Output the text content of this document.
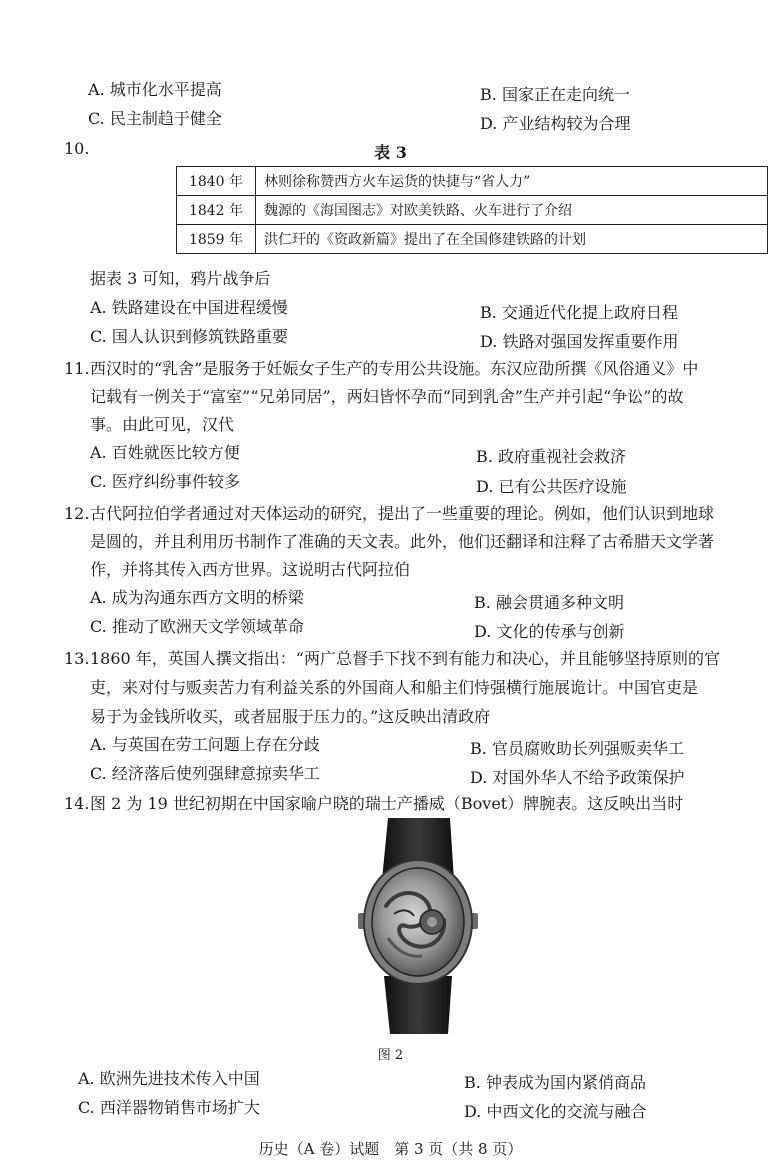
A. 城市化水平提高	B. 国家正在走向统一
C. 民主制趋于健全	D. 产业结构较为合理
10.	表 3
1840 年	林则徐称赞西方火车运货的快捷与“省人力”
1842 年	魏源的《海国图志》对欧美铁路、火车进行了介绍
1859 年	洪仁玕的《资政新篇》提出了在全国修建铁路的计划
据表 3 可知，鸦片战争后
A. 铁路建设在中国进程缓慢	B. 交通近代化提上政府日程
C. 国人认识到修筑铁路重要	D. 铁路对强国发挥重要作用
11. 西汉时的“乳舍”是服务于妊娠女子生产的专用公共设施。东汉应劭所撰《风俗通义》中
记载有一例关于“富室”“兄弟同居”，两妇皆怀孕而“同到乳舍”生产并引起“争讼”的故
事。由此可见，汉代
A. 百姓就医比较方便	B. 政府重视社会救济
C. 医疗纠纷事件较多	D. 已有公共医疗设施
12. 古代阿拉伯学者通过对天体运动的研究，提出了一些重要的理论。例如，他们认识到地球
是圆的，并且利用历书制作了准确的天文表。此外，他们还翻译和注释了古希腊天文学著
作，并将其传入西方世界。这说明古代阿拉伯
A. 成为沟通东西方文明的桥梁	B. 融会贯通多种文明
C. 推动了欧洲天文学领域革命	D. 文化的传承与创新
13. 1860 年，英国人撰文指出：“两广总督手下找不到有能力和决心，并且能够坚持原则的官
吏，来对付与贩卖苦力有利益关系的外国商人和船主们恃强横行施展诡计。中国官吏是
易于为金钱所收买，或者屈服于压力的。”这反映出清政府
A. 与英国在劳工问题上存在分歧	B. 官员腐败助长列强贩卖华工
C. 经济落后使列强肆意掠卖华工	D. 对国外华人不给予政策保护
14. 图 2 为 19 世纪初期在中国家喻户晓的瑞士产播威（Bovet）牌腕表。这反映出当时
图 2
A. 欧洲先进技术传入中国	B. 钟表成为国内紧俏商品
C. 西洋器物销售市场扩大	D. 中西文化的交流与融合
历史（A 卷）试题　第 3 页（共 8 页）
